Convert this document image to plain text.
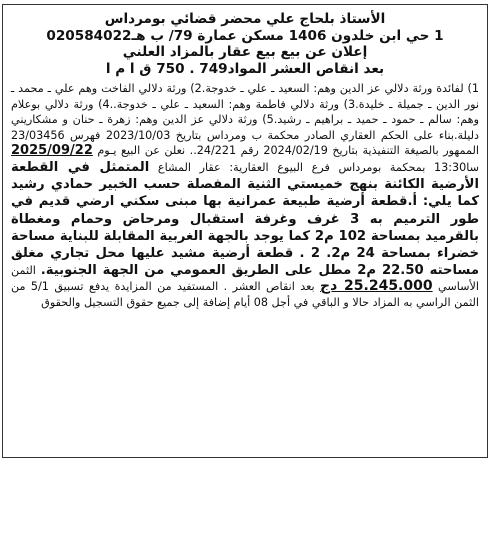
الأستاذ بلحاج علي محضر قضائي بومرداس
1 حي ابن خلدون 1406 مسكن عمارة 79/ ب هـ020584022
إعلان عن بيع بيع عقار بالمزاد العلني
بعد انقاص العشر المواد749 . 750 ق ا م ا
1) لفائدة ورثة دلالي عز الدين وهم: السعيد ـ علي ـ خدوجة.2) ورثة دلالي الفاخت وهم علي ـ محمد ـ نور الدين ـ جميلة ـ خليدة.3) ورثة دلالي فاطمة وهم: السعيد ـ علي ـ خدوجة..4) ورثة دلالي بوعلام وهم: سالم ـ حمود ـ حميد ـ براهيم ـ رشيد.5) ورثة دلالي عز الدين وهم: زهرة ـ حنان و مشكاريني دليلة.بناء على الحكم العقاري الصادر محكمة ب ومرداس بتاريخ 2023/10/03 فهرس 23/03456 الممهور بالصيغة التنفيذية بتاريخ 2024/02/19 رقم 24/221.. نعلن عن البيع يـوم 2025/09/22 سا13:30 بمحكمة بومرداس فرع البيوع العقارية: عقار المشاع المتمثل في القطعة الأرضية الكائنة بنهج خميستي الثنية المفصلة حسب الخبير حمادي رشيد كما يلي: أ.قطعة أرضية طبيعة عمرانية بها مبنى سكني ارضي قديم في طور الترميم به 3 غرف وغرفة استقبال ومرحاض وحمام ومغطاة بالقرميد بمساحة 102 م2 كما يوجد بالجهة الغربية المقابلة للبناية مساحة خضراء بمساحة 24 م2. 2 . قطعة أرضية مشيد عليها محل تجاري مغلق مساحته 22.50 م2 مطل على الطريق العمومي من الجهة الجنوبية. الثمن الأساسي 25.245.000 دج بعد انقاص العشر . المستفيد من المزايدة يدفع تسبيق 5/1 من الثمن الراسي به المزاد حالا و الباقي في أجل 08 أيام إضافة إلى جميع حقوق التسجيل والحقوق
